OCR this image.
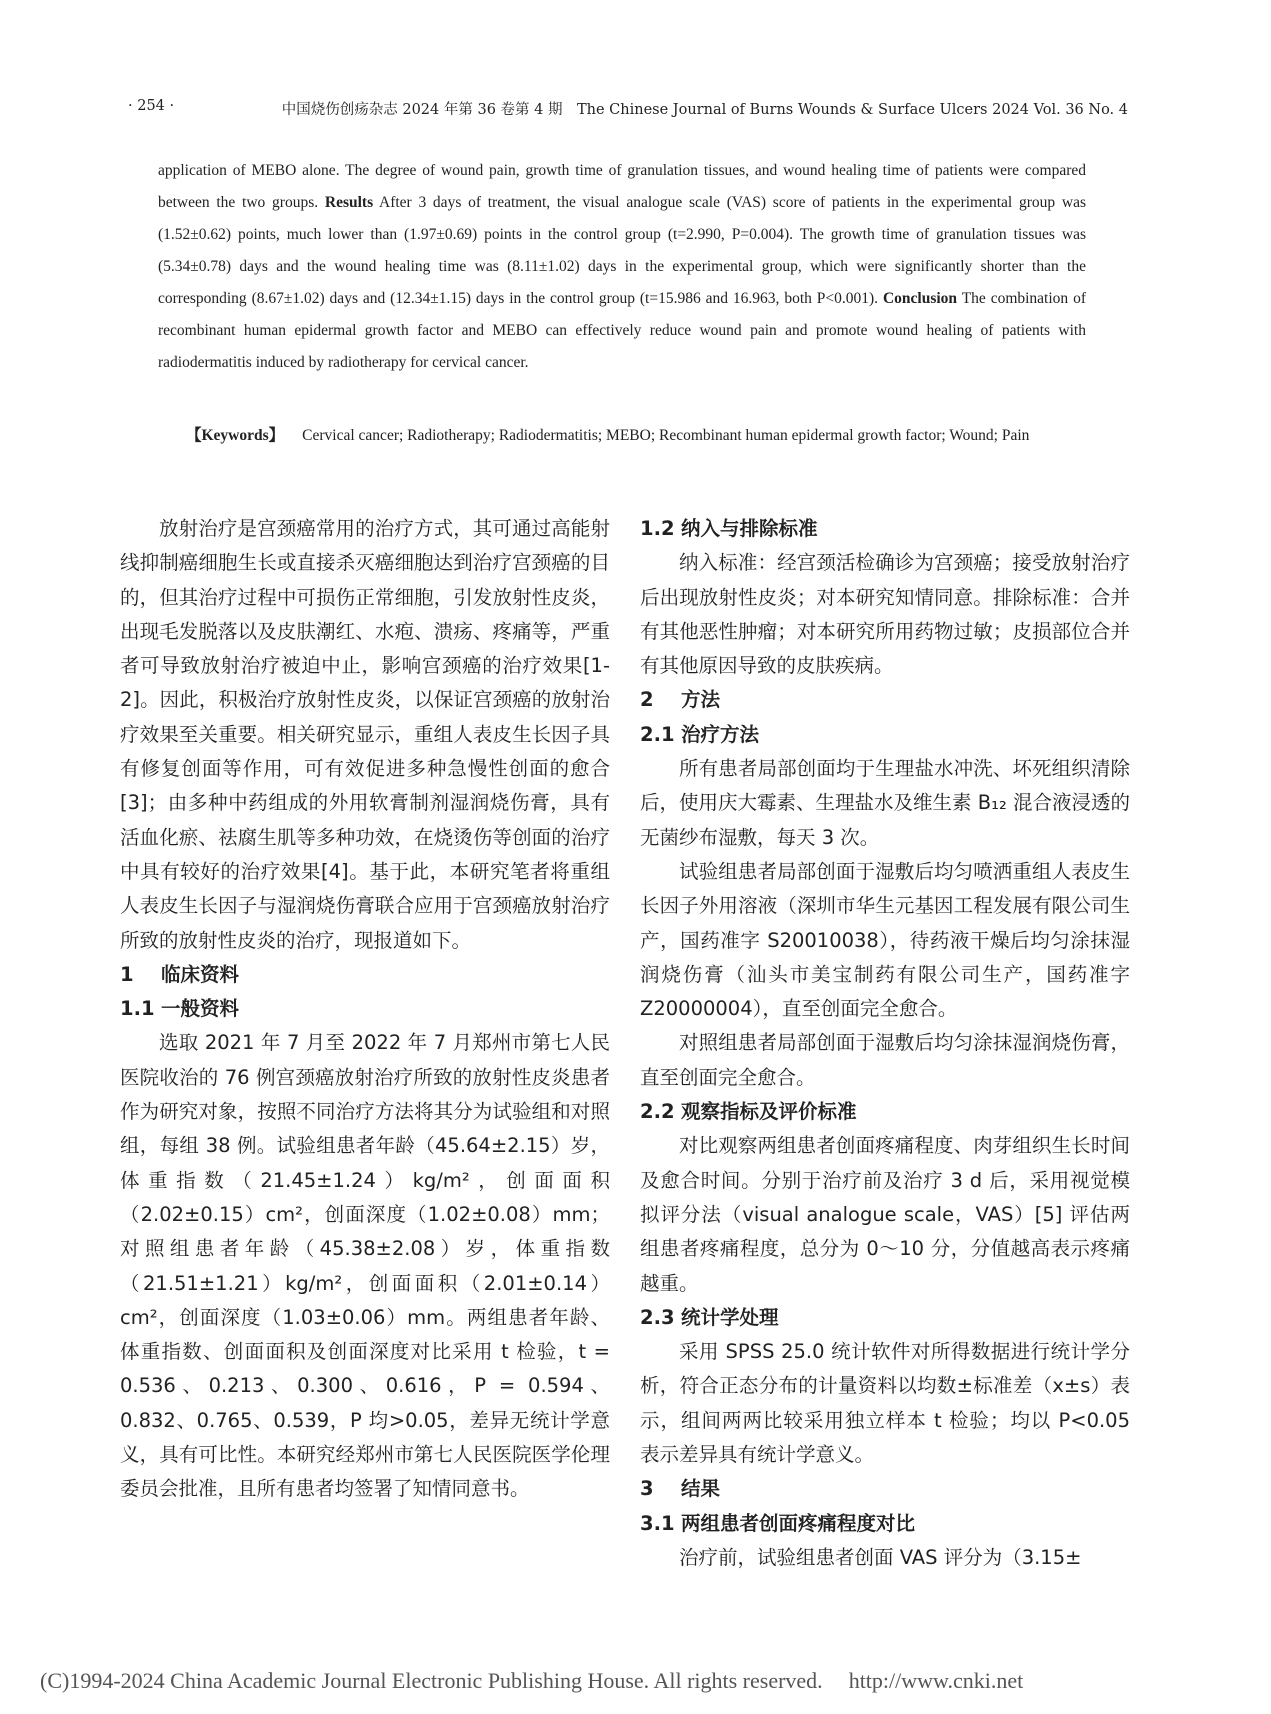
· 254 ·	中国烧伤创疡杂志 2024 年第 36 卷第 4 期　The Chinese Journal of Burns Wounds & Surface Ulcers 2024 Vol. 36 No. 4

application of MEBO alone. The degree of wound pain, growth time of granulation tissues, and wound healing time of patients were compared between the two groups. Results After 3 days of treatment, the visual analogue scale (VAS) score of patients in the experimental group was (1.52±0.62) points, much lower than (1.97±0.69) points in the control group (t=2.990, P=0.004). The growth time of granulation tissues was (5.34±0.78) days and the wound healing time was (8.11±1.02) days in the experimental group, which were significantly shorter than the corresponding (8.67±1.02) days and (12.34±1.15) days in the control group (t=15.986 and 16.963, both P<0.001). Conclusion The combination of recombinant human epidermal growth factor and MEBO can effectively reduce wound pain and promote wound healing of patients with radiodermatitis induced by radiotherapy for cervical cancer.

【Keywords】 Cervical cancer; Radiotherapy; Radiodermatitis; MEBO; Recombinant human epidermal growth factor; Wound; Pain

放射治疗是宫颈癌常用的治疗方式，其可通过高能射线抑制癌细胞生长或直接杀灭癌细胞达到治疗宫颈癌的目的，但其治疗过程中可损伤正常细胞，引发放射性皮炎，出现毛发脱落以及皮肤潮红、水疱、溃疡、疼痛等，严重者可导致放射治疗被迫中止，影响宫颈癌的治疗效果[1-2]。因此，积极治疗放射性皮炎，以保证宫颈癌的放射治疗效果至关重要。相关研究显示，重组人表皮生长因子具有修复创面等作用，可有效促进多种急慢性创面的愈合[3]；由多种中药组成的外用软膏制剂湿润烧伤膏，具有活血化瘀、祛腐生肌等多种功效，在烧烫伤等创面的治疗中具有较好的治疗效果[4]。基于此，本研究笔者将重组人表皮生长因子与湿润烧伤膏联合应用于宫颈癌放射治疗所致的放射性皮炎的治疗，现报道如下。

1 临床资料
1.1 一般资料

选取 2021 年 7 月至 2022 年 7 月郑州市第七人民医院收治的 76 例宫颈癌放射治疗所致的放射性皮炎患者作为研究对象，按照不同治疗方法将其分为试验组和对照组，每组 38 例。试验组患者年龄（45.64±2.15）岁，体重指数（21.45±1.24）kg/m²，创面面积（2.02±0.15）cm²，创面深度（1.02±0.08）mm；对照组患者年龄（45.38±2.08）岁，体重指数（21.51±1.21）kg/m²，创面面积（2.01±0.14）cm²，创面深度（1.03±0.06）mm。两组患者年龄、体重指数、创面面积及创面深度对比采用 t 检验，t = 0.536、0.213、0.300、0.616，P = 0.594、0.832、0.765、0.539，P 均>0.05，差异无统计学意义，具有可比性。本研究经郑州市第七人民医院医学伦理委员会批准，且所有患者均签署了知情同意书。

1.2 纳入与排除标准

纳入标准：经宫颈活检确诊为宫颈癌；接受放射治疗后出现放射性皮炎；对本研究知情同意。排除标准：合并有其他恶性肿瘤；对本研究所用药物过敏；皮损部位合并有其他原因导致的皮肤疾病。

2 方法
2.1 治疗方法

所有患者局部创面均于生理盐水冲洗、坏死组织清除后，使用庆大霉素、生理盐水及维生素 B₁₂ 混合液浸透的无菌纱布湿敷，每天 3 次。

试验组患者局部创面于湿敷后均匀喷洒重组人表皮生长因子外用溶液（深圳市华生元基因工程发展有限公司生产，国药准字 S20010038），待药液干燥后均匀涂抹湿润烧伤膏（汕头市美宝制药有限公司生产，国药准字 Z20000004），直至创面完全愈合。

对照组患者局部创面于湿敷后均匀涂抹湿润烧伤膏，直至创面完全愈合。

2.2 观察指标及评价标准

对比观察两组患者创面疼痛程度、肉芽组织生长时间及愈合时间。分别于治疗前及治疗 3 d 后，采用视觉模拟评分法（visual analogue scale，VAS）[5] 评估两组患者疼痛程度，总分为 0～10 分，分值越高表示疼痛越重。

2.3 统计学处理

采用 SPSS 25.0 统计软件对所得数据进行统计学分析，符合正态分布的计量资料以均数±标准差（x±s）表示，组间两两比较采用独立样本 t 检验；均以 P<0.05 表示差异具有统计学意义。

3 结果
3.1 两组患者创面疼痛程度对比

治疗前，试验组患者创面 VAS 评分为（3.15±

(C)1994-2024 China Academic Journal Electronic Publishing House. All rights reserved. http://www.cnki.net
